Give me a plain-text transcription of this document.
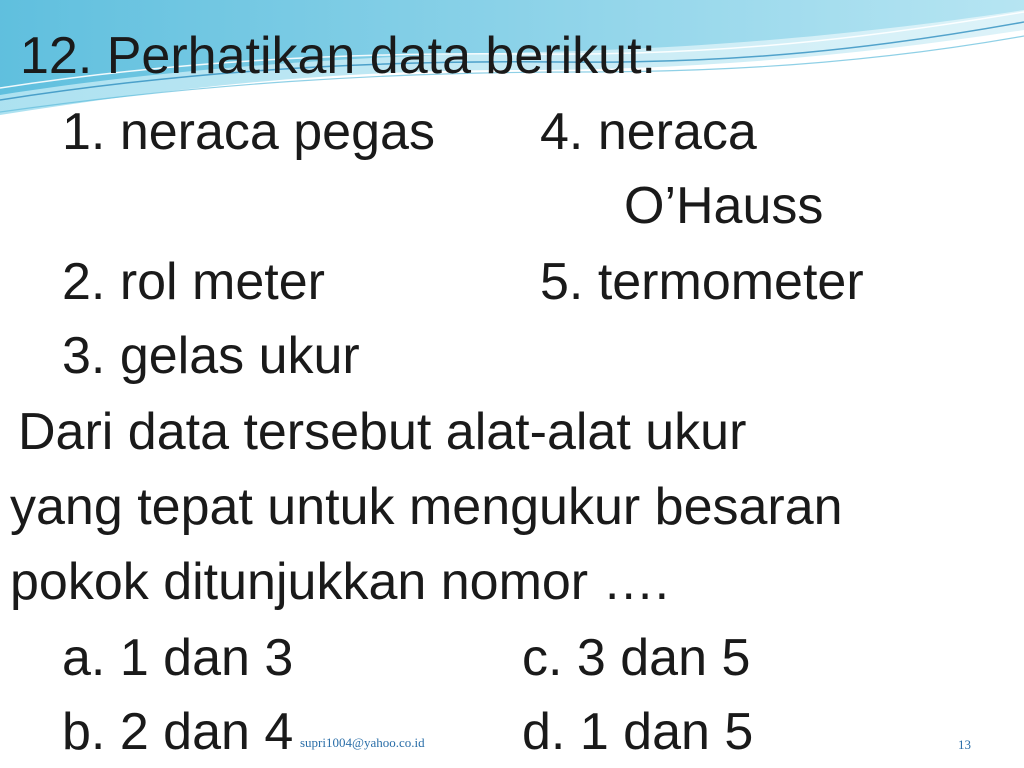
12. Perhatikan data berikut:
1. neraca pegas 4. neraca
O’Hauss
2. rol meter	5. termometer
3. gelas ukur
Dari data tersebut alat-alat ukur
yang tepat untuk mengukur besaran
pokok ditunjukkan nomor ….
a. 1 dan 3	c. 3 dan 5
b. 2 dan 4	d. 1 dan 5
supri1004@yahoo.co.id	13
